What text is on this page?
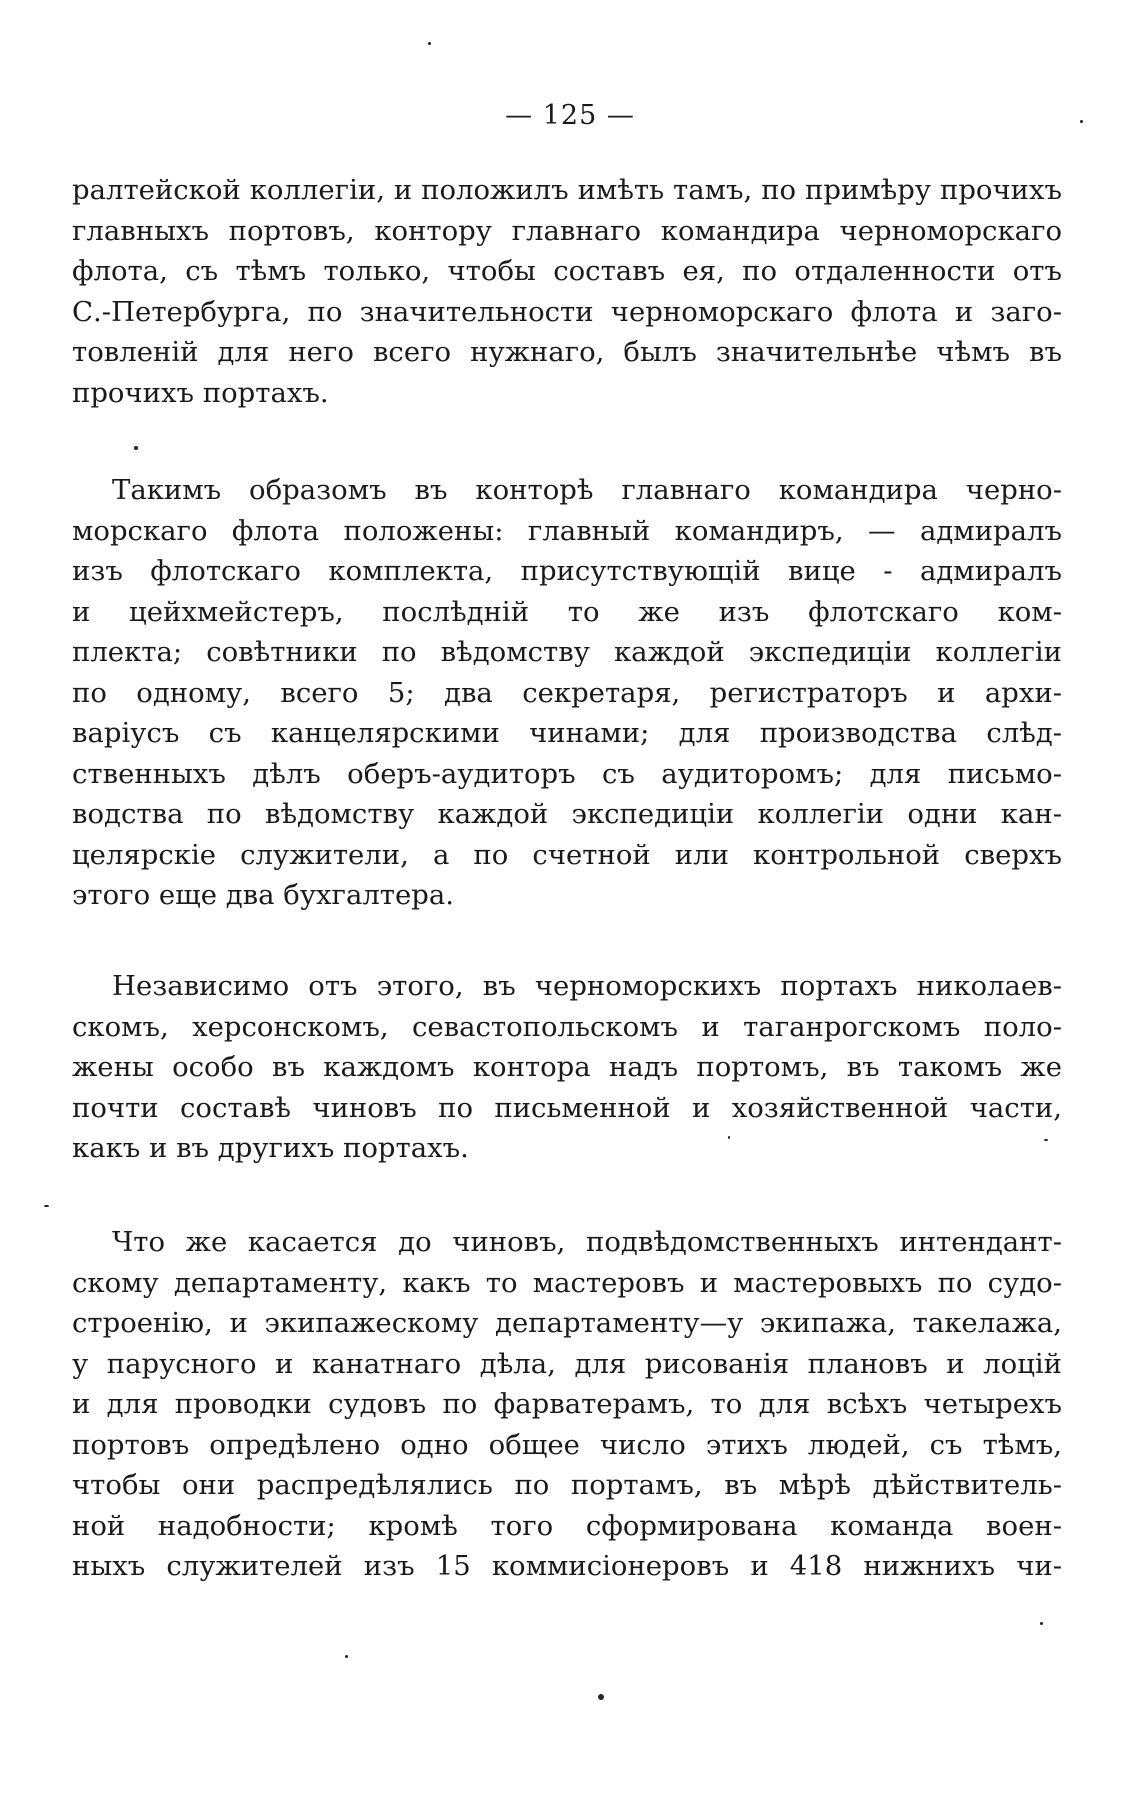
— 125 —
ралтейской коллегіи, и положилъ имѣть тамъ, по примѣру прочихъ
главныхъ портовъ, контору главнаго командира черноморскаго
флота, съ тѣмъ только, чтобы составъ ея, по отдаленности отъ
С.-Петербурга, по значительности черноморскаго флота и заго-
товленій для него всего нужнаго, былъ значительнѣе чѣмъ въ
прочихъ портахъ.
Такимъ образомъ въ конторѣ главнаго командира черно-
морскаго флота положены: главный командиръ, — адмиралъ
изъ флотскаго комплекта, присутствующій вице - адмиралъ
и цейхмейстеръ, послѣдній то же изъ флотскаго ком-
плекта; совѣтники по вѣдомству каждой экспедиціи коллегіи
по одному, всего 5; два секретаря, регистраторъ и архи-
варіусъ съ канцелярскими чинами; для производства слѣд-
ственныхъ дѣлъ оберъ-аудиторъ съ аудиторомъ; для письмо-
водства по вѣдомству каждой экспедиціи коллегіи одни кан-
целярскіе служители, а по счетной или контрольной сверхъ
этого еще два бухгалтера.
Независимо отъ этого, въ черноморскихъ портахъ николаев-
скомъ, херсонскомъ, севастопольскомъ и таганрогскомъ поло-
жены особо въ каждомъ контора надъ портомъ, въ такомъ же
почти составѣ чиновъ по письменной и хозяйственной части,
какъ и въ другихъ портахъ.
Что же касается до чиновъ, подвѣдомственныхъ интендант-
скому департаменту, какъ то мастеровъ и мастеровыхъ по судо-
строенію, и экипажескому департаменту—у экипажа, такелажа,
у парусного и канатнаго дѣла, для рисованія плановъ и лоцій
и для проводки судовъ по фарватерамъ, то для всѣхъ четырехъ
портовъ опредѣлено одно общее число этихъ людей, съ тѣмъ,
чтобы они распредѣлялись по портамъ, въ мѣрѣ дѣйствитель-
ной надобности; кромѣ того сформирована команда воен-
ныхъ служителей изъ 15 коммисіонеровъ и 418 нижнихъ чи-
